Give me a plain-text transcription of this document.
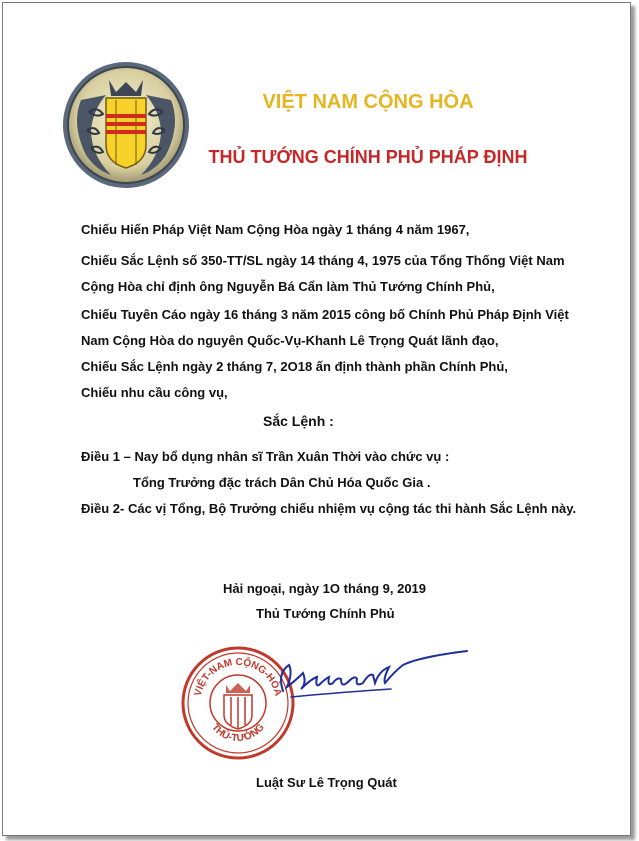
VIỆT NAM CỘNG HÒA
THỦ TƯỚNG CHÍNH PHỦ PHÁP ĐỊNH
Chiếu Hiến Pháp Việt Nam Cộng Hòa ngày 1 tháng 4 năm 1967,
Chiếu Sắc Lệnh số 350-TT/SL ngày 14 tháng 4, 1975 của Tổng Thống Việt Nam
Cộng Hòa chỉ định ông Nguyễn Bá Cẩn làm Thủ Tướng Chính Phủ,
Chiếu Tuyên Cáo ngày 16 tháng 3 năm 2015 công bố Chính Phủ Pháp Định Việt
Nam Cộng Hòa do nguyên Quốc-Vụ-Khanh Lê Trọng Quát lãnh đạo,
Chiếu Sắc Lệnh ngày 2 tháng 7, 2O18 ấn định thành phần Chính Phủ,
Chiếu nhu cầu công vụ,
Sắc Lệnh :
Điều 1 – Nay bổ dụng nhân sĩ Trần Xuân Thời vào chức vụ :
Tổng Trưởng đặc trách Dân Chủ Hóa Quốc Gia .
Điều 2- Các vị Tổng, Bộ Trưởng chiếu nhiệm vụ cộng tác thi hành Sắc Lệnh này.
Hải ngoại, ngày 1O tháng 9, 2019
Thủ Tướng Chính Phủ
VIỆT-NAM CỘNG-HÒA
THỦ-TƯỚNG
Luật Sư Lê Trọng Quát
